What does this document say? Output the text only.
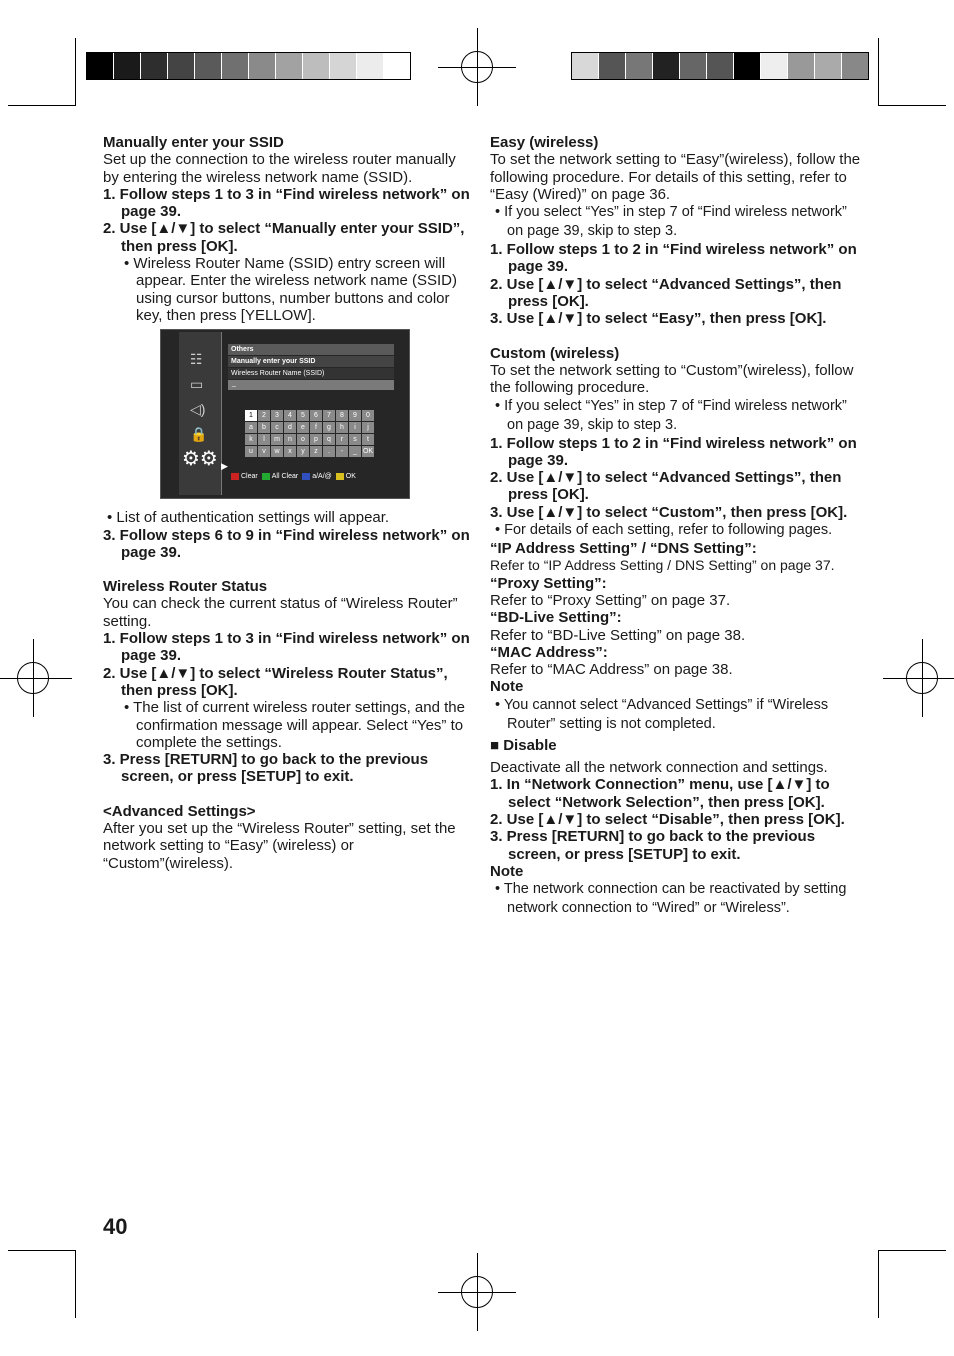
Manually enter your SSID

Set up the connection to the wireless router manually by entering the wireless network name (SSID).

1. Follow steps 1 to 3 in “Find wireless network” on page 39.

2. Use [▲/▼] to select “Manually enter your SSID”, then press [OK].

• Wireless Router Name (SSID) entry screen will appear. Enter the wireless network name (SSID) using cursor buttons, number buttons and color key, then press [YELLOW].

☷
▭
◁)
🔒
⚙⚙ ▶
Others
Manually enter your SSID
Wireless Router Name (SSID)
_
1	2	3	4	5	6	7	8	9	0
a	b	c	d	e	f	g	h	i	j
k	l	m	n	o	p	q	r	s	t
u	v	w	x	y	z	.	-	_ OK
Clear All Clear a/A/@ OK

• List of authentication settings will appear.

3. Follow steps 6 to 9 in “Find wireless network” on page 39.

Wireless Router Status

You can check the current status of “Wireless Router” setting.

1. Follow steps 1 to 3 in “Find wireless network” on page 39.

2. Use [▲/▼] to select “Wireless Router Status”, then press [OK].

• The list of current wireless router settings, and the confirmation message will appear. Select “Yes” to complete the settings.

3. Press [RETURN] to go back to the previous screen, or press [SETUP] to exit.

<Advanced Settings>

After you set up the “Wireless Router” setting, set the network setting to “Easy” (wireless) or “Custom”(wireless).

Easy (wireless)

To set the network setting to “Easy”(wireless), follow the following procedure. For details of this setting, refer to “Easy (Wired)” on page 36.

• If you select “Yes” in step 7 of “Find wireless network” on page 39, skip to step 3.

1. Follow steps 1 to 2 in “Find wireless network” on page 39.

2. Use [▲/▼] to select “Advanced Settings”, then press [OK].

3. Use [▲/▼] to select “Easy”, then press [OK].

Custom (wireless)

To set the network setting to “Custom”(wireless), follow the following procedure.

• If you select “Yes” in step 7 of “Find wireless network” on page 39, skip to step 3.

1. Follow steps 1 to 2 in “Find wireless network” on page 39.

2. Use [▲/▼] to select “Advanced Settings”, then press [OK].

3. Use [▲/▼] to select “Custom”, then press [OK].

• For details of each setting, refer to following pages.

“IP Address Setting” / “DNS Setting”:

Refer to “IP Address Setting / DNS Setting” on page 37.

“Proxy Setting”:

Refer to “Proxy Setting” on page 37.

“BD-Live Setting”:

Refer to “BD-Live Setting” on page 38.

“MAC Address”:

Refer to “MAC Address” on page 38.

Note

• You cannot select “Advanced Settings” if “Wireless Router” setting is not completed.

■ Disable

Deactivate all the network connection and settings.

1. In “Network Connection” menu, use [▲/▼] to select “Network Selection”, then press [OK].

2. Use [▲/▼] to select “Disable”, then press [OK].

3. Press [RETURN] to go back to the previous screen, or press [SETUP] to exit.

Note

• The network connection can be reactivated by setting network connection to “Wired” or “Wireless”.

40
